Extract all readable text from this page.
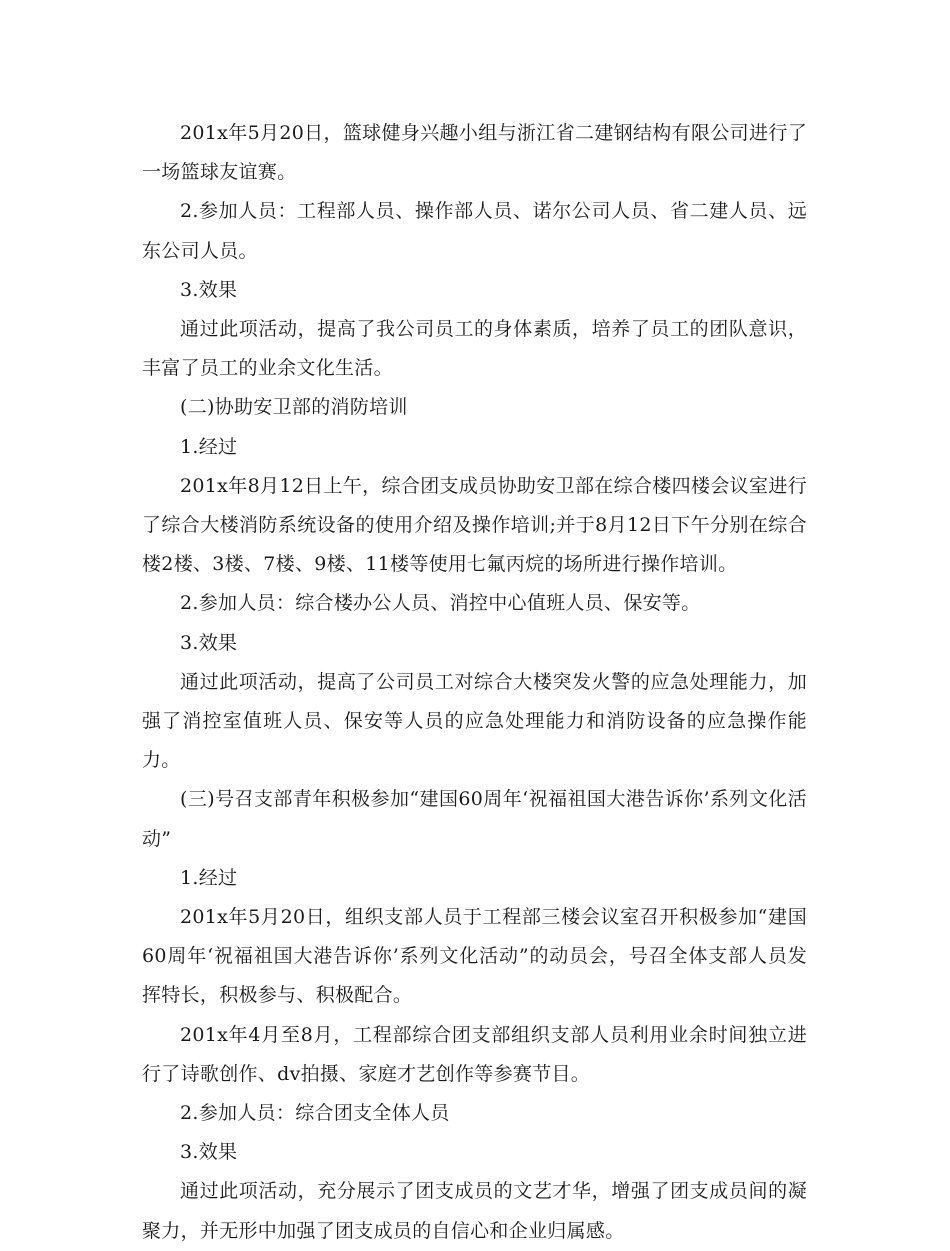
201x年5月20日，篮球健身兴趣小组与浙江省二建钢结构有限公司进行了一场篮球友谊赛。

2.参加人员：工程部人员、操作部人员、诺尔公司人员、省二建人员、远东公司人员。

3.效果

通过此项活动，提高了我公司员工的身体素质，培养了员工的团队意识，丰富了员工的业余文化生活。

(二)协助安卫部的消防培训

1.经过

201x年8月12日上午，综合团支成员协助安卫部在综合楼四楼会议室进行了综合大楼消防系统设备的使用介绍及操作培训;并于8月12日下午分别在综合楼2楼、3楼、7楼、9楼、11楼等使用七氟丙烷的场所进行操作培训。

2.参加人员：综合楼办公人员、消控中心值班人员、保安等。

3.效果

通过此项活动，提高了公司员工对综合大楼突发火警的应急处理能力，加强了消控室值班人员、保安等人员的应急处理能力和消防设备的应急操作能力。

(三)号召支部青年积极参加“建国60周年‘祝福祖国大港告诉你’系列文化活动”

1.经过

201x年5月20日，组织支部人员于工程部三楼会议室召开积极参加“建国60周年‘祝福祖国大港告诉你’系列文化活动”的动员会，号召全体支部人员发挥特长，积极参与、积极配合。

201x年4月至8月，工程部综合团支部组织支部人员利用业余时间独立进行了诗歌创作、dv拍摄、家庭才艺创作等参赛节目。

2.参加人员：综合团支全体人员

3.效果

通过此项活动，充分展示了团支成员的文艺才华，增强了团支成员间的凝聚力，并无形中加强了团支成员的自信心和企业归属感。
